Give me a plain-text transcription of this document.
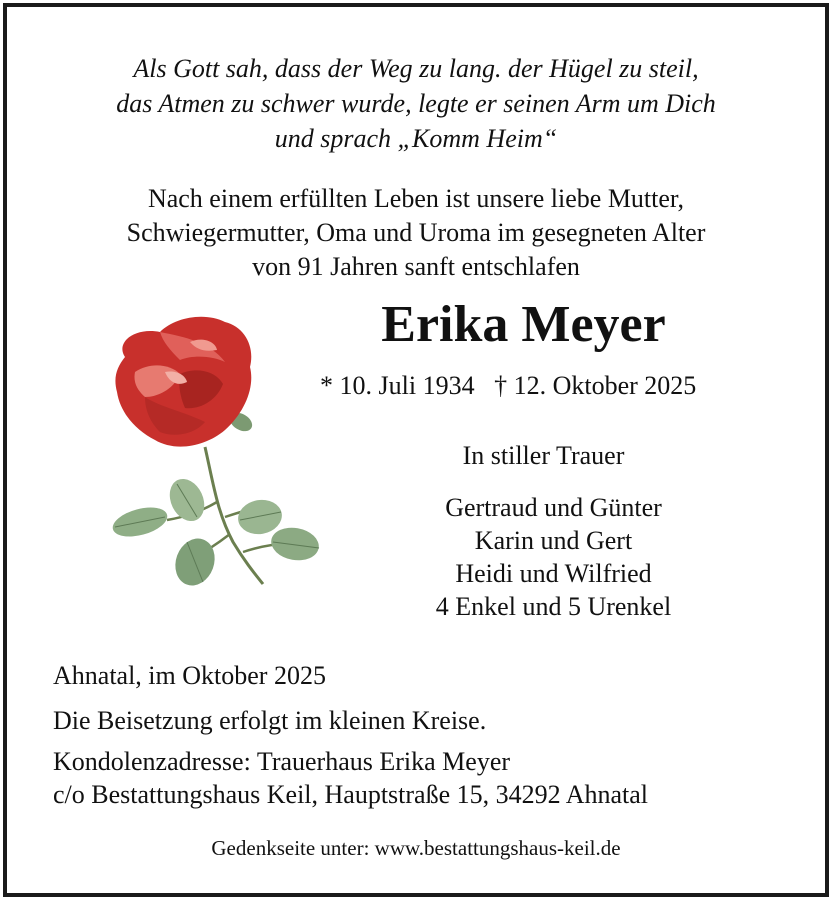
Als Gott sah, dass der Weg zu lang. der Hügel zu steil,
das Atmen zu schwer wurde, legte er seinen Arm um Dich
und sprach „Komm Heim“
Nach einem erfüllten Leben ist unsere liebe Mutter,
Schwiegermutter, Oma und Uroma im gesegneten Alter
von 91 Jahren sanft entschlafen
Erika Meyer
* 10. Juli 1934 † 12. Oktober 2025
In stiller Trauer
Gertraud und Günter
Karin und Gert
Heidi und Wilfried
4 Enkel und 5 Urenkel
Ahnatal, im Oktober 2025
Die Beisetzung erfolgt im kleinen Kreise.
Kondolenzadresse: Trauerhaus Erika Meyer
c/o Bestattungshaus Keil, Hauptstraße 15, 34292 Ahnatal
Gedenkseite unter: www.bestattungshaus-keil.de
